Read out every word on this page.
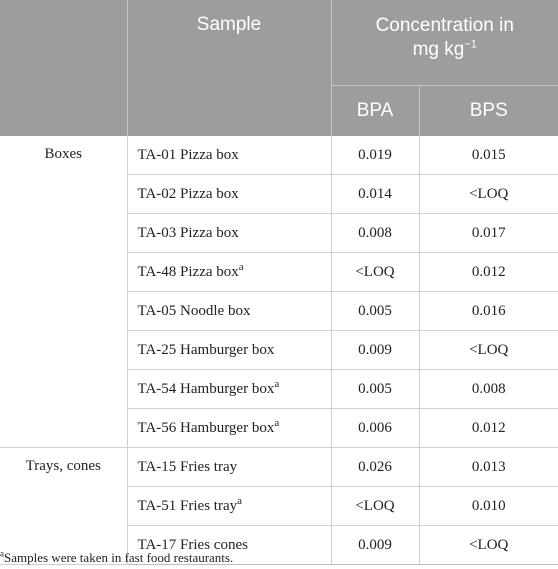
	Sample	Concentration in
mg $kg^{-1}$
		BPA	BPS
Boxes	TA-01 Pizza box	0.019	0.015
	TA-02 Pizza box	0.014	<LOQ
	TA-03 Pizza box	0.008	0.017
	TA-48 Pizza box$^a$	<LOQ	0.012
	TA-05 Noodle box	0.005	0.016
	TA-25 Hamburger box	0.009	<LOQ
	TA-54 Hamburger box$^a$	0.005	0.008
	TA-56 Hamburger box$^a$	0.006	0.012
Trays, cones	TA-15 Fries tray	0.026	0.013
	TA-51 Fries tray$^a$	<LOQ	0.010
	TA-17 Fries cones	0.009	<LOQ
$^a$Samples were taken in fast food restaurants.
